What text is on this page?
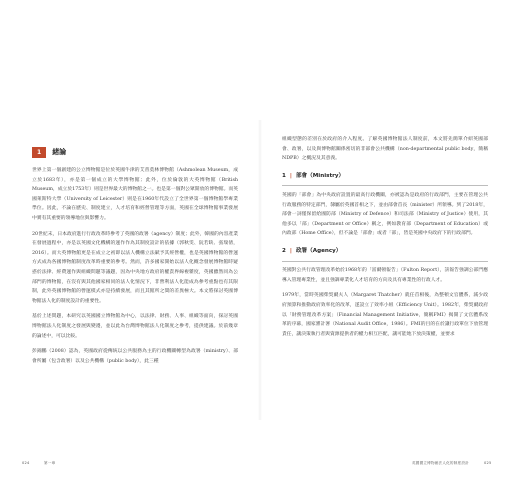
1	緒論

世界上第一個創建的公立博物館是位於英國牛津的艾普莫林博物館（Ashmolean Museum，成立於1683年），亦是第一個成立的大學博物館；此外，位於倫敦的大英博物館（British Museum，成立於1753年）則是世界最大的博物館之一。也是第一個對公眾開放的博物館。而英國萊斯特大學（University of Leicester）則是在1960年代設立了全世界第一個博物館學專業學位。因此，不論在歷史、制度建立，人才培育和經營管理等方面，英國在全球博物館事業發展中實有其重要的領導地位與影響力。

20世紀末，日本政府進行行政改革時參考了英國的政署（agency）制度；此外，韓國的內容產業在發展過程中，亦是以英國文化機構的運作作為其制度設計的依據（郭秋雯、阮若缺、張瑞倩，2016）。而大英博物館更是在成立之初即以法人機構立法賦予其經營權，也是英國博物館的營運方式成為各國博物館制度改革時重要的參考。然而，許多國家開始以法人化概念發展博物館時疑惑於法律、經費運作與組織問題等議題，因為中央地方政府的權責界線複雜度，英國雖然同為公部門的博物館，在沒有與其他國家相同的法人化情況下，非營利法人化能成為參考重點也有其限制，此外英國博物館的營運模式亦是持續發展，而且其館所之間的差異極大。本文將探討英國博物館法人化的制度設計的重要性。

基於上述問題，本研究以英國國立博物館為中心，以法律、財務、人事、組織等面向，探討英國博物館法人化制度之發展與變遷，並以此為台灣博物館法人化制度之參考，提供建議。於前幾章的論述中，可以比較。

彭錦鵬（2008）認為，英國政府從傳統以公共服務為主的行政機關轉型為政署（ministry）、部會所屬（包含政署）以及公共機構（public body），此三種

024	第一章

組織型態的差別在於政府的介入程度。了解英國博物館法人制度前，本文將先簡單介紹英國部會、政署，以及與博物館關係密切的非部會公共機構（non-departmental public body，簡稱NDPB）之概況及其意義。

1 | 部會（Ministry）

英國的「部會」為中央政府設置的最高行政機關，亦被認為是政府的行政部門，主要在管理公共行政服務的特定部門，隸屬於英國首相之下，並由部會首長（minister）所領導。到了2018年，部會一詞僅保留給國防部（Ministry of Defence）和司法部（Ministry of Justice）使用，其他多以「部」（Department or Office）稱之，例如教育部（Department of Education）或內政部（Home Office），但不論是「部會」或者「部」，皆是英國中央政府下的行政部門。

2 | 政署（Agency）

英國對公共行政管理改革始於1968年的「富爾頓報告」（Fulton Report），該報告強調公部門應導入管理專業性，並且強調專業化人才培育的方向及具有專業性的行政人才。

1979年，當時英國柴契爾夫人（Margaret Thatcher）就任首相後，為整頓文官體系，減少政府預算和推動政府效率化的改革，遂設立了效率小組（Efficiency Unit）。1982年，柴契爾政府以「財務管理改革方案」（Financial Management Initiative，簡稱FMI）揭開了文官體系改革的序幕，國家審計署（National Audit Office，1986）。FMI的目的在於讓行政單位下放管理責任，讓決策執行者與資源提供者的權力相互匹配，讓可能地下放決策權，並要求

英國國立博物館法人化的制度設計	025
